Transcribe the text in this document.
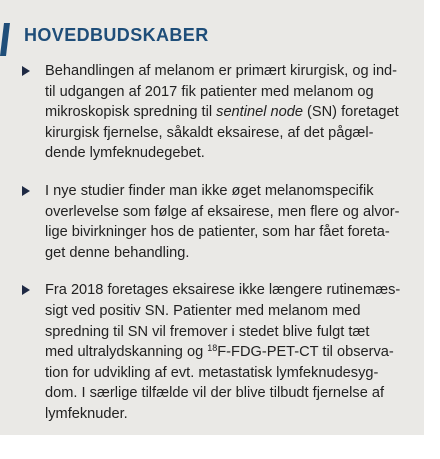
HOVEDBUDSKABER
Behandlingen af melanom er primært kirurgisk, og ind-
til udgangen af 2017 fik patienter med melanom og
mikroskopisk spredning til sentinel node (SN) foretaget
kirurgisk fjernelse, såkaldt eksairese, af det pågæl-
dende lymfeknudegebet.
I nye studier finder man ikke øget melanomspecifik
overlevelse som følge af eksairese, men flere og alvor-
lige bivirkninger hos de patienter, som har fået foreta-
get denne behandling.
Fra 2018 foretages eksairese ikke længere rutinemæs-
sigt ved positiv SN. Patienter med melanom med
spredning til SN vil fremover i stedet blive fulgt tæt
med ultralydskanning og $^{18}$F-FDG-PET-CT til observa-
tion for udvikling af evt. metastatisk lymfeknudesyg-
dom. I særlige tilfælde vil der blive tilbudt fjernelse af
lymfeknuder.
